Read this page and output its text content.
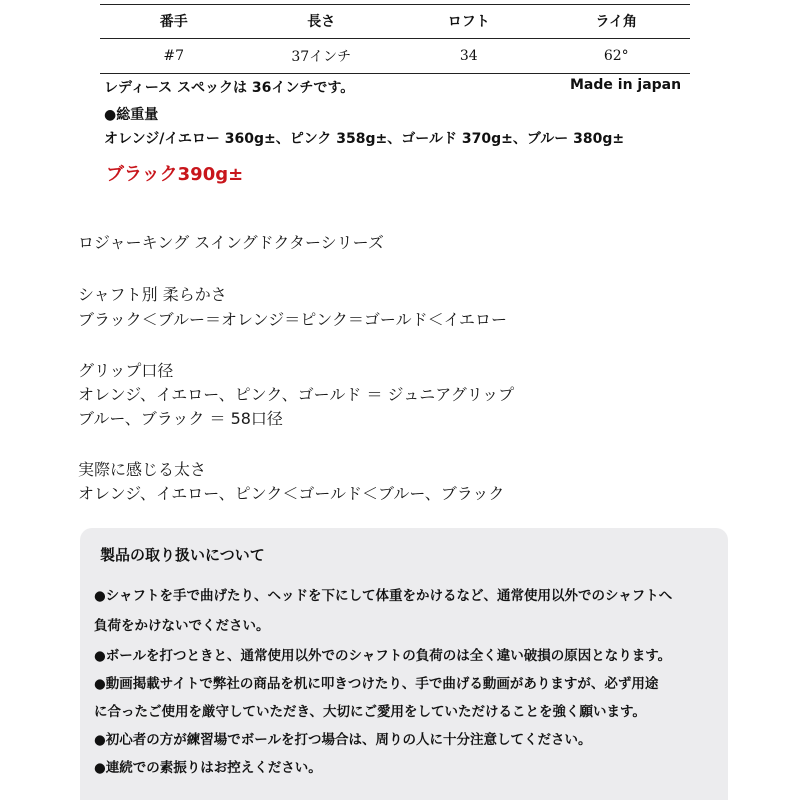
番手	長さ	ロフト	ライ角
#7	37インチ	34	62°
レディース スペックは 36インチです。	Made in japan
●総重量
オレンジ/イエロー 360g±、ピンク 358g±、ゴールド 370g±、ブルー 380g±
ブラック390g±
ロジャーキング スイングドクターシリーズ
シャフト別 柔らかさ
ブラック＜ブルー＝オレンジ＝ピンク＝ゴールド＜イエロー
グリップ口径
オレンジ、イエロー、ピンク、ゴールド ＝ ジュニアグリップ
ブルー、ブラック ＝ 58口径
実際に感じる太さ
オレンジ、イエロー、ピンク＜ゴールド＜ブルー、ブラック
製品の取り扱いについて
●シャフトを手で曲げたり、ヘッドを下にして体重をかけるなど、通常使用以外でのシャフトへ
負荷をかけないでください。
●ボールを打つときと、通常使用以外でのシャフトの負荷のは全く違い破損の原因となります。
●動画掲載サイトで弊社の商品を机に叩きつけたり、手で曲げる動画がありますが、必ず用途
に合ったご使用を厳守していただき、大切にご愛用をしていただけることを強く願います。
●初心者の方が練習場でボールを打つ場合は、周りの人に十分注意してください。
●連続での素振りはお控えください。
